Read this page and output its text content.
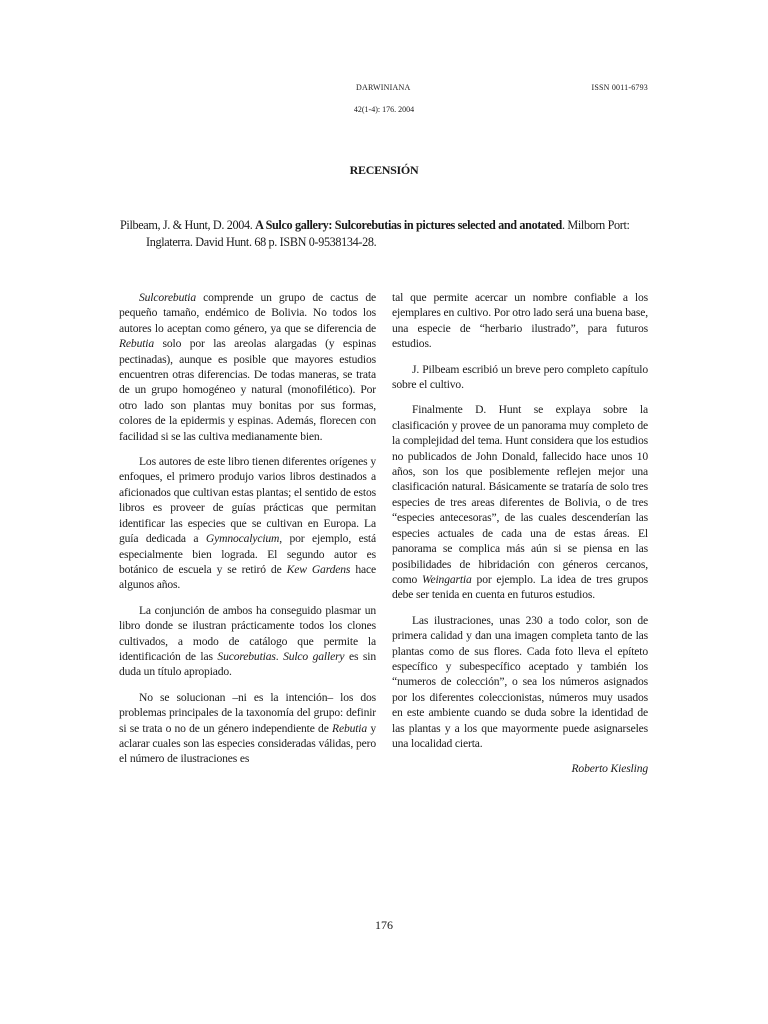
DARWINIANA	ISSN 0011-6793
42(1-4): 176. 2004
RECENSIÓN
Pilbeam, J. & Hunt, D. 2004. A Sulco gallery: Sulcorebutias in pictures selected and anotated. Milborn Port:
Inglaterra. David Hunt. 68 p. ISBN 0-9538134-28.

Sulcorebutia comprende un grupo de cactus de pequeño tamaño, endémico de Bolivia. No todos los autores lo aceptan como género, ya que se diferencia de Rebutia solo por las areolas alargadas (y espinas pectinadas), aunque es posible que mayores estudios encuentren otras diferencias. De todas maneras, se trata de un grupo homogéneo y natural (monofilético). Por otro lado son plantas muy bonitas por sus formas, colores de la epidermis y espinas. Además, florecen con facilidad si se las cultiva medianamente bien.

Los autores de este libro tienen diferentes orígenes y enfoques, el primero produjo varios libros destinados a aficionados que cultivan estas plantas; el sentido de estos libros es proveer de guías prácticas que permitan identificar las especies que se cultivan en Europa. La guía dedicada a Gymnocalycium, por ejemplo, está especialmente bien lograda. El segundo autor es botánico de escuela y se retiró de Kew Gardens hace algunos años.

La conjunción de ambos ha conseguido plasmar un libro donde se ilustran prácticamente todos los clones cultivados, a modo de catálogo que permite la identificación de las Sucorebutias. Sulco gallery es sin duda un título apropiado.

No se solucionan –ni es la intención– los dos problemas principales de la taxonomía del grupo: definir si se trata o no de un género independiente de Rebutia y aclarar cuales son las especies consideradas válidas, pero el número de ilustraciones es

tal que permite acercar un nombre confiable a los ejemplares en cultivo. Por otro lado será una buena base, una especie de “herbario ilustrado”, para futuros estudios.

J. Pilbeam escribió un breve pero completo capítulo sobre el cultivo.

Finalmente D. Hunt se explaya sobre la clasificación y provee de un panorama muy completo de la complejidad del tema. Hunt considera que los estudios no publicados de John Donald, fallecido hace unos 10 años, son los que posiblemente reflejen mejor una clasificación natural. Básicamente se trataría de solo tres especies de tres areas diferentes de Bolivia, o de tres “especies antecesoras”, de las cuales descenderían las especies actuales de cada una de estas áreas. El panorama se complica más aún si se piensa en las posibilidades de hibridación con géneros cercanos, como Weingartia por ejemplo. La idea de tres grupos debe ser tenida en cuenta en futuros estudios.

Las ilustraciones, unas 230 a todo color, son de primera calidad y dan una imagen completa tanto de las plantas como de sus flores. Cada foto lleva el epíteto específico y subespecífico aceptado y también los “numeros de colección”, o sea los números asignados por los diferentes coleccionistas, números muy usados en este ambiente cuando se duda sobre la identidad de las plantas y a los que mayormente puede asignarseles una localidad cierta.

Roberto Kiesling

176
